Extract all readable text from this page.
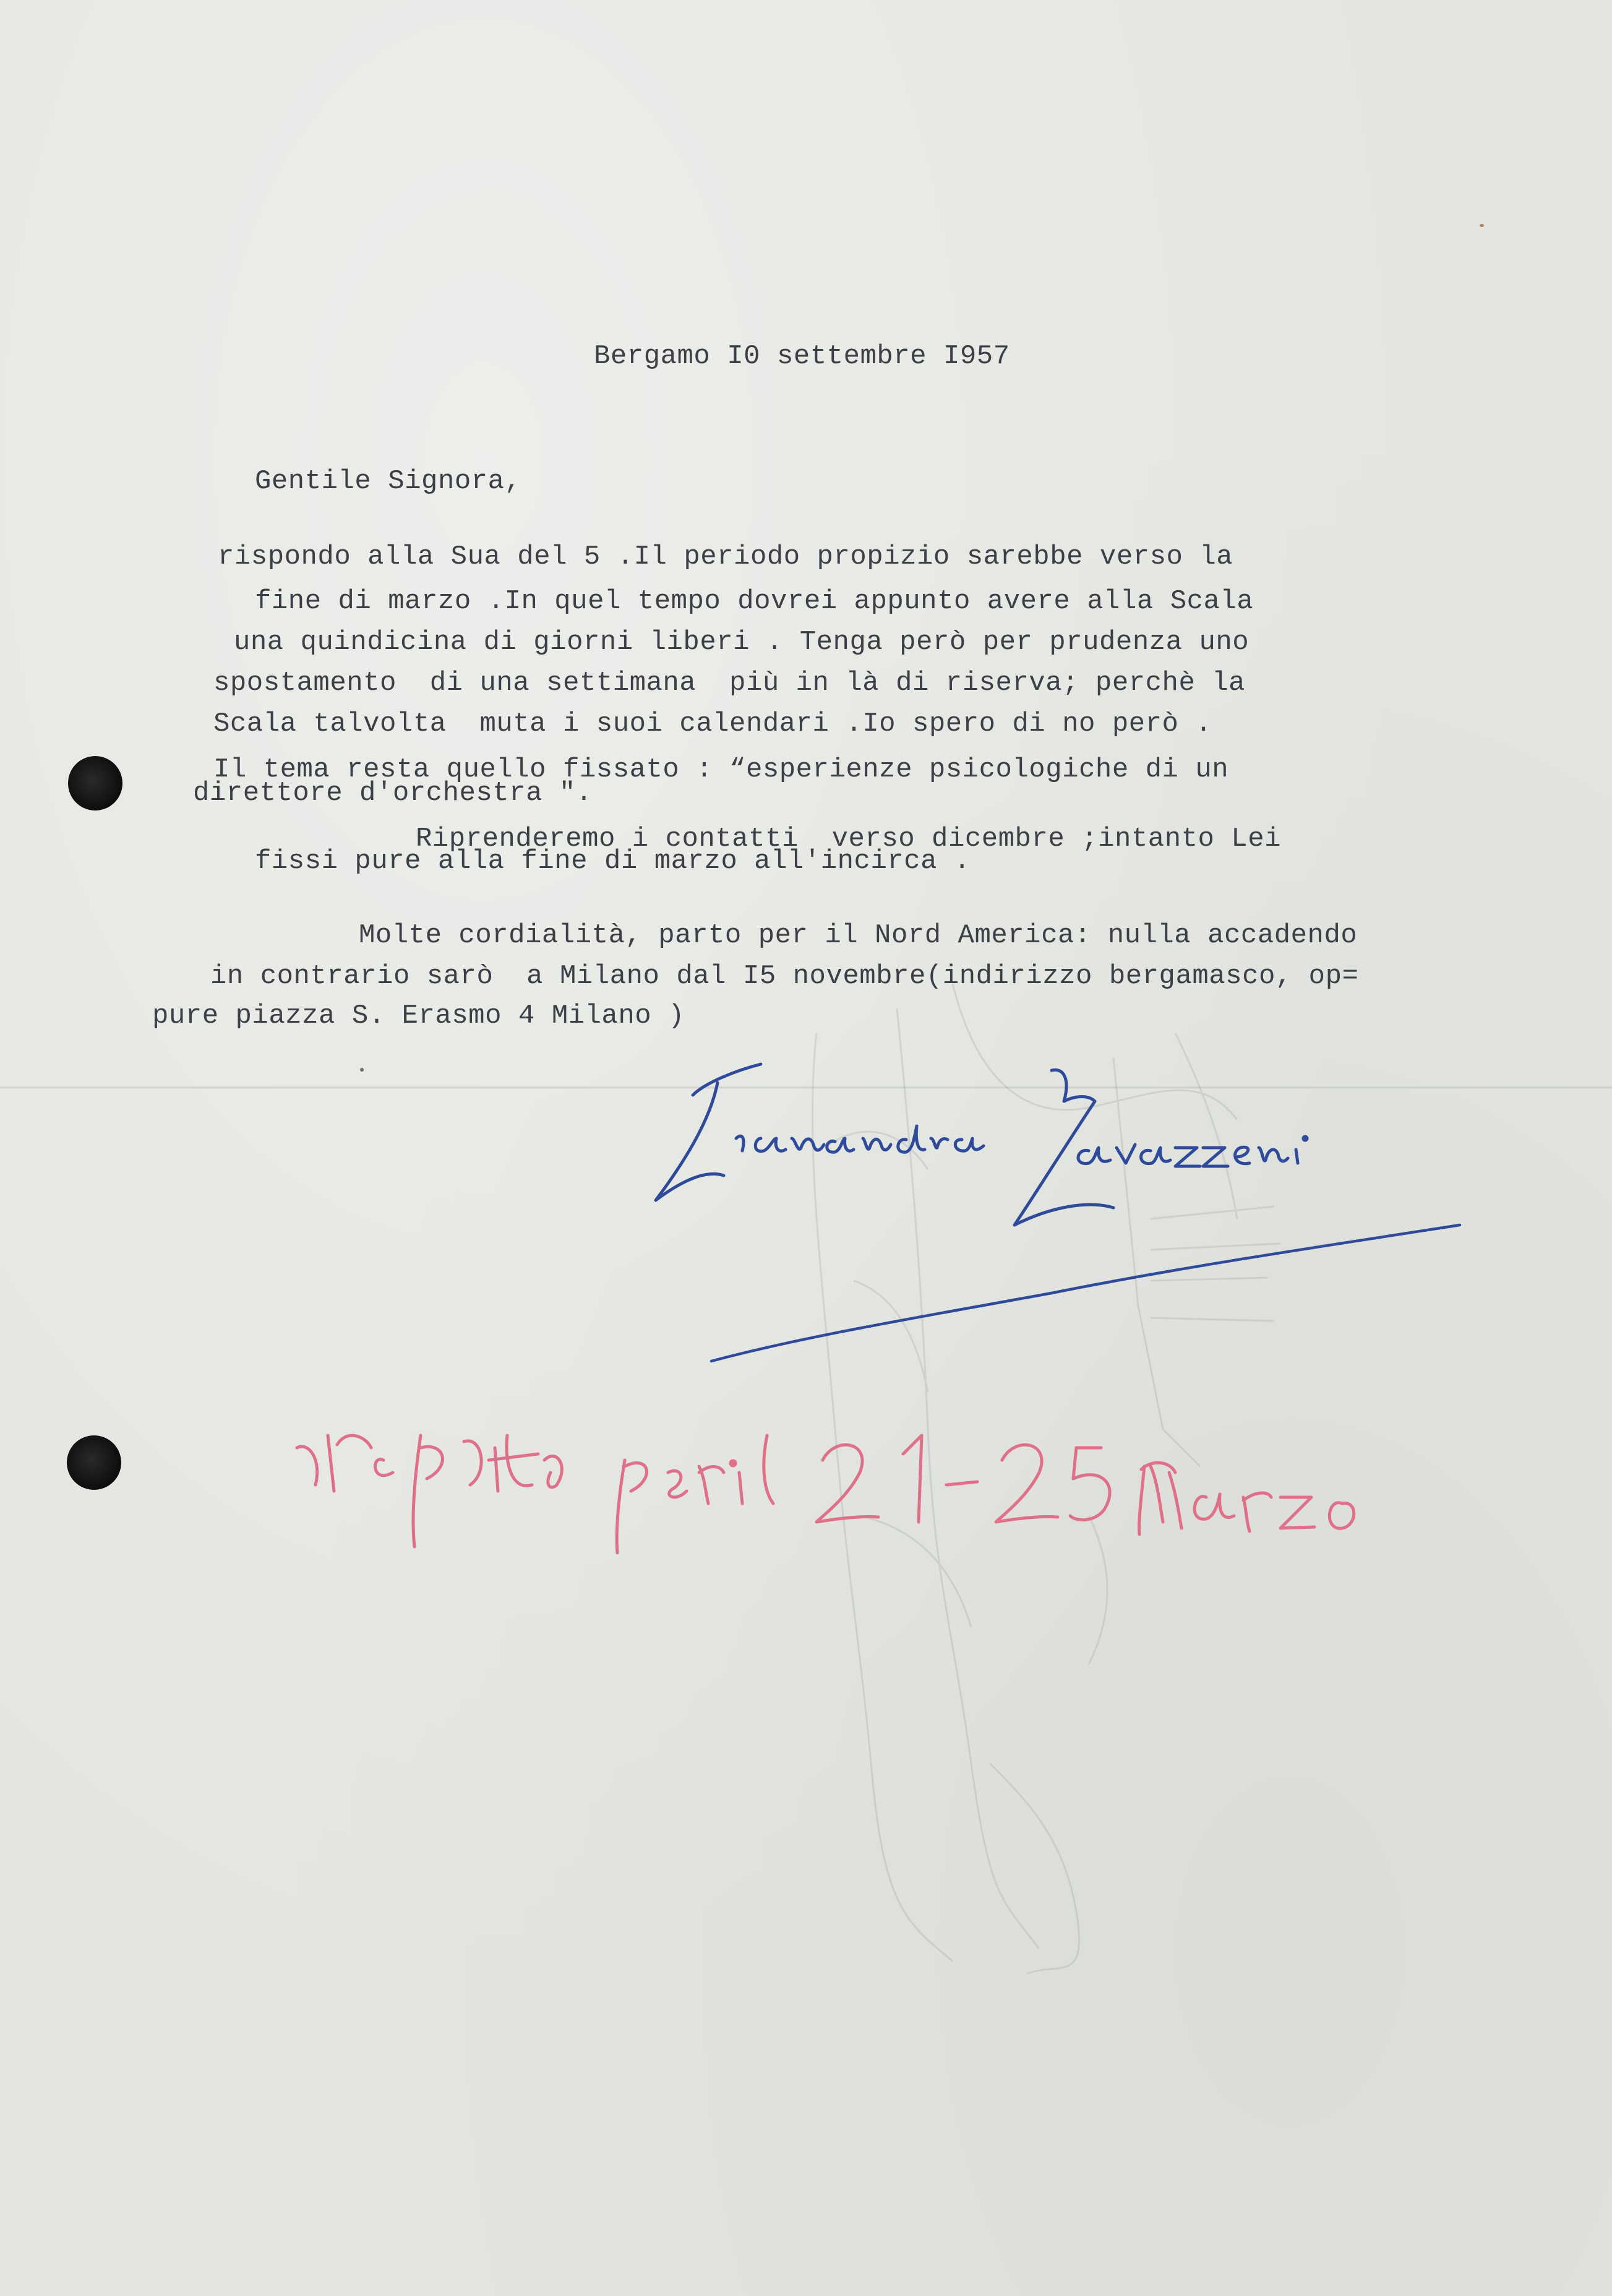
Bergamo I0 settembre I957
Gentile Signora,
rispondo alla Sua del 5 .Il periodo propizio sarebbe verso la
fine di marzo .In quel tempo dovrei appunto avere alla Scala
una quindicina di giorni liberi . Tenga però per prudenza uno
spostamento  di una settimana  più in là di riserva; perchè la
Scala talvolta  muta i suoi calendari .Io spero di no però .
Il tema resta quello fissato : “esperienze psicologiche di un
direttore d'orchestra ".
Riprenderemo i contatti  verso dicembre ;intanto Lei
fissi pure alla fine di marzo all'incirca .
Molte cordialità, parto per il Nord America: nulla accadendo
in contrario sarò  a Milano dal I5 novembre(indirizzo bergamasco, op=
pure piazza S. Erasmo 4 Milano )
